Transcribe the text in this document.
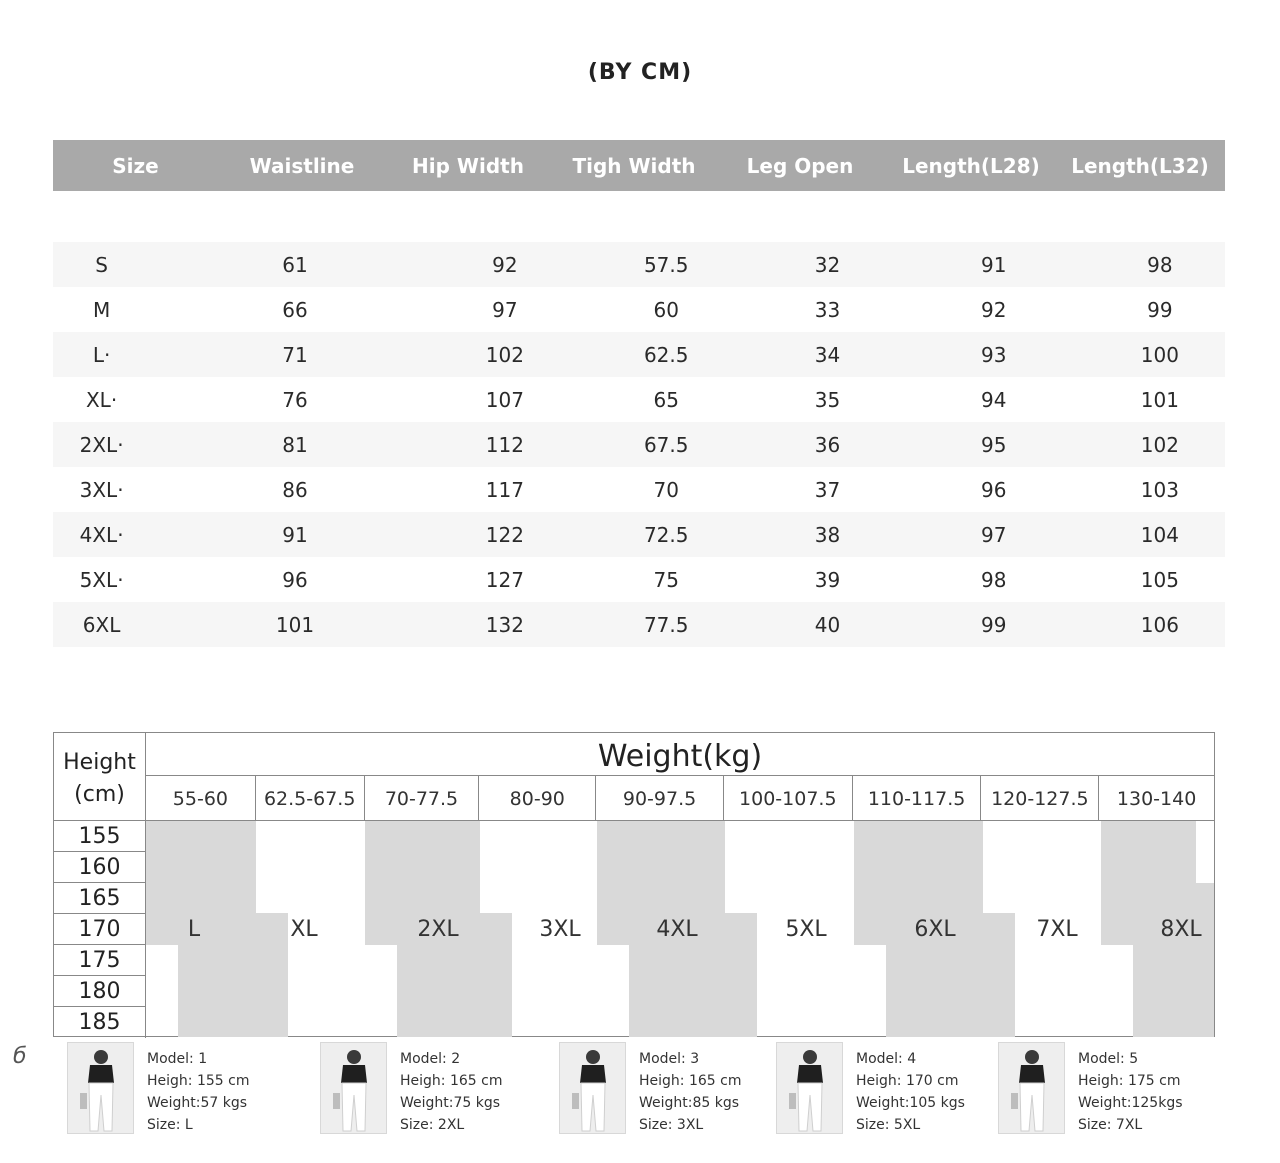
(BY CM)
Size	Waistline	Hip Width	Tigh Width	Leg Open	Length(L28)	Length(L32)
S	61	92	57.5	32	91	98
M	66	97	60	33	92	99
L·	71	102	62.5	34	93	100
XL·	76	107	65	35	94	101
2XL·	81	112	67.5	36	95	102
3XL·	86	117	70	37	96	103
4XL·	91	122	72.5	38	97	104
5XL·	96	127	75	39	98	105
6XL	101	132	77.5	40	99	106
Height
(cm)
Weight(kg)
55-60	62.5-67.5	70-77.5	80-90	90-97.5	100-107.5	110-117.5	120-127.5	130-140
155
160
165
170
175
180
185
L	XL	2XL	3XL	4XL	5XL	6XL	7XL	8XL
б	Model: 1
Heigh: 155 cm
Weight:57 kgs
Size: L
Model: 2
Heigh: 165 cm
Weight:75 kgs
Size: 2XL
Model: 3
Heigh: 165 cm
Weight:85 kgs
Size: 3XL
Model: 4
Heigh: 170 cm
Weight:105 kgs
Size: 5XL
Model: 5
Heigh: 175 cm
Weight:125kgs
Size: 7XL
